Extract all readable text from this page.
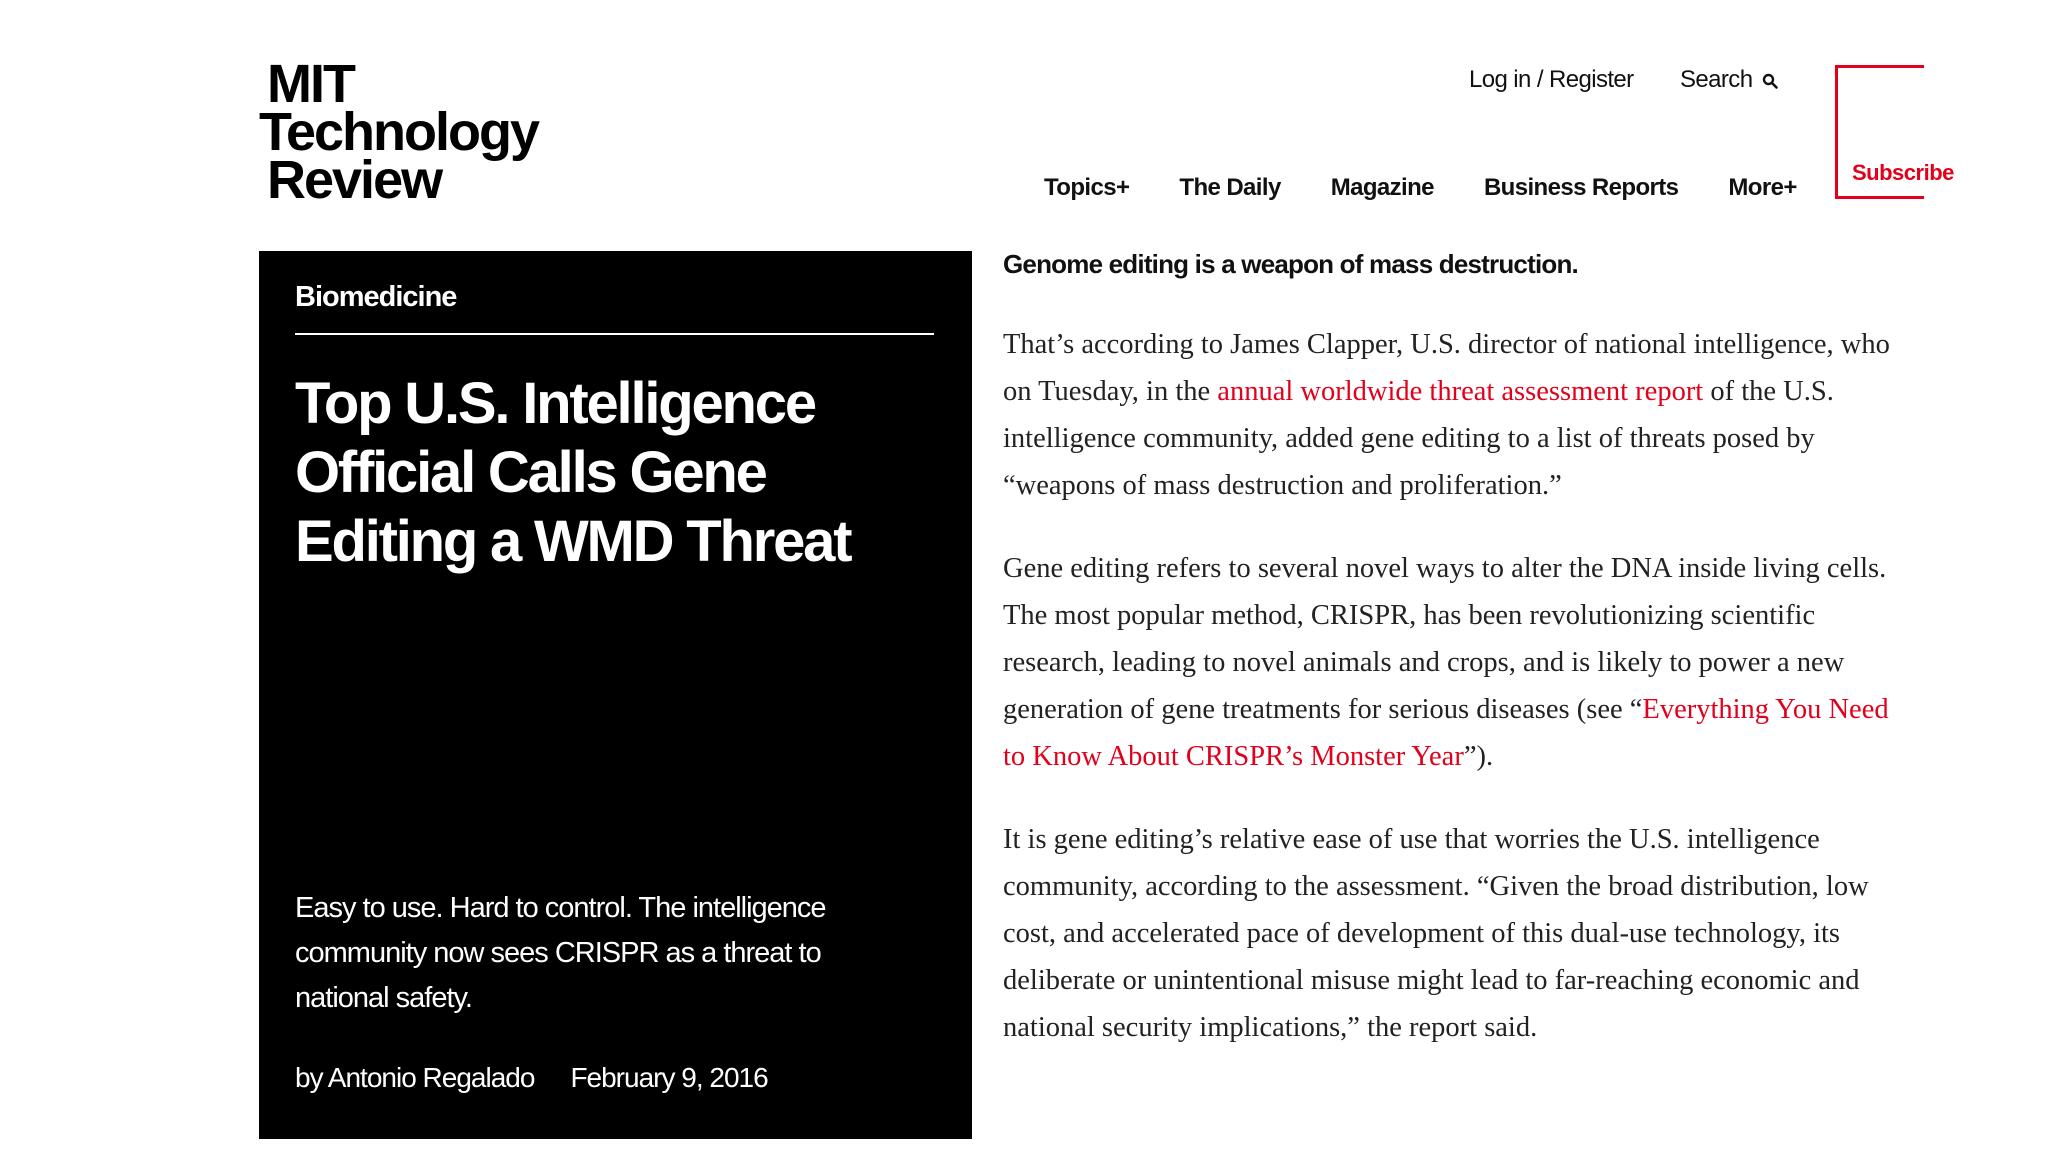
MIT
Technology
Review
Log in / Register Search
Subscribe
Topics+ The Daily Magazine Business Reports More+
Biomedicine
Top U.S. Intelligence Official Calls Gene Editing a WMD Threat
Easy to use. Hard to control. The intelligence community now sees CRISPR as a threat to national safety.
by Antonio Regalado February 9, 2016

Genome editing is a weapon of mass destruction.

That’s according to James Clapper, U.S. director of national intelligence, who on Tuesday, in the annual worldwide threat assessment report of the U.S. intelligence community, added gene editing to a list of threats posed by “weapons of mass destruction and proliferation.”

Gene editing refers to several novel ways to alter the DNA inside living cells. The most popular method, CRISPR, has been revolutionizing scientific research, leading to novel animals and crops, and is likely to power a new generation of gene treatments for serious diseases (see “Everything You Need to Know About CRISPR’s Monster Year”).

It is gene editing’s relative ease of use that worries the U.S. intelligence community, according to the assessment. “Given the broad distribution, low cost, and accelerated pace of development of this dual-use technology, its deliberate or unintentional misuse might lead to far-reaching economic and national security implications,” the report said.
